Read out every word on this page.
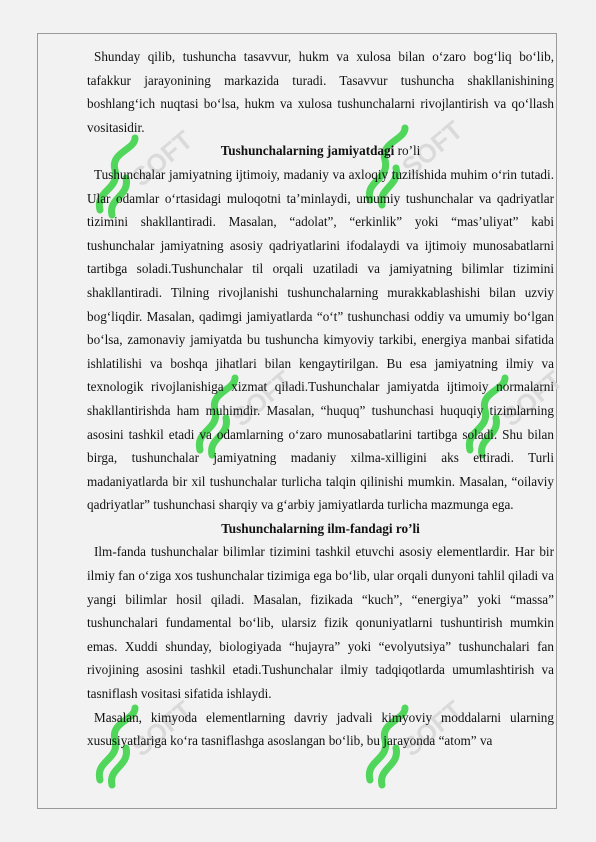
SOFT	SOFT
SOFT	SOFT
SOFT	SOFT

Shunday qilib, tushuncha tasavvur, hukm va xulosa bilan o‘zaro bog‘liq bo‘lib, tafakkur jarayonining markazida turadi. Tasavvur tushuncha shakllanishining boshlang‘ich nuqtasi bo‘lsa, hukm va xulosa tushunchalarni rivojlantirish va qo‘llash vositasidir.

Tushunchalarning jamiyatdagi ro’li

Tushunchalar jamiyatning ijtimoiy, madaniy va axloqiy tuzilishida muhim o‘rin tutadi. Ular odamlar o‘rtasidagi muloqotni ta’minlaydi, umumiy tushunchalar va qadriyatlar tizimini shakllantiradi. Masalan, “adolat”, “erkinlik” yoki “mas’uliyat” kabi tushunchalar jamiyatning asosiy qadriyatlarini ifodalaydi va ijtimoiy munosabatlarni tartibga soladi.Tushunchalar til orqali uzatiladi va jamiyatning bilimlar tizimini shakllantiradi. Tilning rivojlanishi tushunchalarning murakkablashishi bilan uzviy bog‘liqdir. Masalan, qadimgi jamiyatlarda “o‘t” tushunchasi oddiy va umumiy bo‘lgan bo‘lsa, zamonaviy jamiyatda bu tushuncha kimyoviy tarkibi, energiya manbai sifatida ishlatilishi va boshqa jihatlari bilan kengaytirilgan. Bu esa jamiyatning ilmiy va texnologik rivojlanishiga xizmat qiladi.Tushunchalar jamiyatda ijtimoiy normalarni shakllantirishda ham muhimdir. Masalan, “huquq” tushunchasi huquqiy tizimlarning asosini tashkil etadi va odamlarning o‘zaro munosabatlarini tartibga soladi. Shu bilan birga, tushunchalar jamiyatning madaniy xilma-xilligini aks ettiradi. Turli madaniyatlarda bir xil tushunchalar turlicha talqin qilinishi mumkin. Masalan, “oilaviy qadriyatlar” tushunchasi sharqiy va g‘arbiy jamiyatlarda turlicha mazmunga ega.

Tushunchalarning ilm-fandagi ro’li

Ilm-fanda tushunchalar bilimlar tizimini tashkil etuvchi asosiy elementlardir. Har bir ilmiy fan o‘ziga xos tushunchalar tizimiga ega bo‘lib, ular orqali dunyoni tahlil qiladi va yangi bilimlar hosil qiladi. Masalan, fizikada “kuch”, “energiya” yoki “massa” tushunchalari fundamental bo‘lib, ularsiz fizik qonuniyatlarni tushuntirish mumkin emas. Xuddi shunday, biologiyada “hujayra” yoki “evolyutsiya” tushunchalari fan rivojining asosini tashkil etadi.Tushunchalar ilmiy tadqiqotlarda umumlashtirish va tasniflash vositasi sifatida ishlaydi.

Masalan, kimyoda elementlarning davriy jadvali kimyoviy moddalarni ularning xususiyatlariga ko‘ra tasniflashga asoslangan bo‘lib, bu jarayonda “atom” va
